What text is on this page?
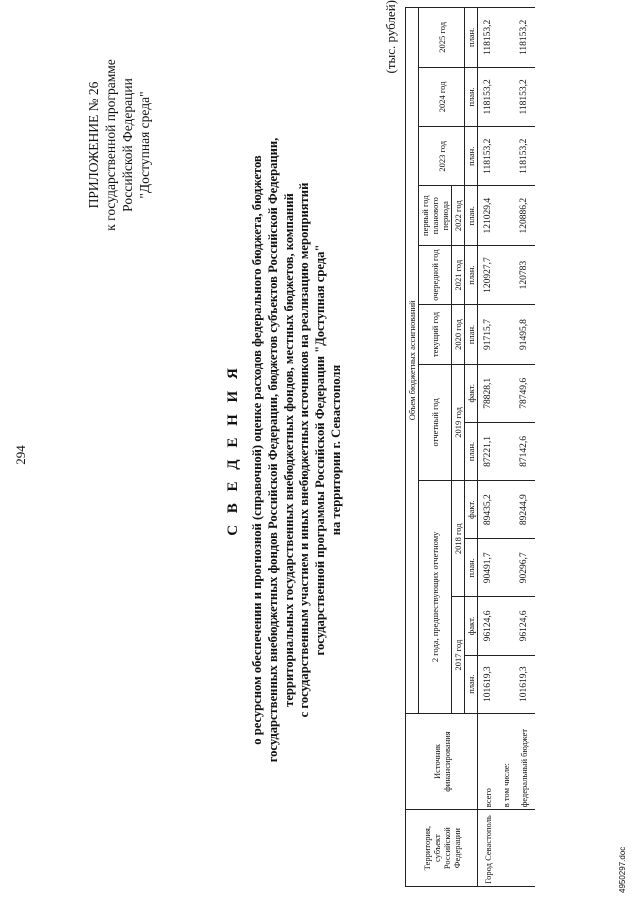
294
ПРИЛОЖЕНИЕ № 26 к государственной программе Российской Федерации "Доступная среда"
С В Е Д Е Н И Я о ресурсном обеспечении и прогнозной (справочной) оценке расходов федерального бюджета, бюджетов государственных внебюджетных фондов Российской Федерации, бюджетов субъектов Российской Федерации, территориальных государственных внебюджетных фондов, местных бюджетов, компаний с государственным участием и иных внебюджетных источников на реализацию мероприятий государственной программы Российской Федерации "Доступная среда" на территории г. Севастополя
(тыс. рублей)
Территория, субъект Российской Федерации	Источник финансирования	Объем бюджетных ассигнований											
		2 года, предшествующих отчетному				отчетный год		текущий год	очередной год	первый год планового периода	2023 год	2024 год	2025 год
		2017 год		2018 год		2019 год		2020 год	2021 год	2022 год			
		план.	факт.	план.	факт.	план.	факт.	план.	план.	план.	план.	план.	план.
Город Севастополь	всего	101619,3	96124,6	90491,7	89435,2	87221,1	78828,1	91715,7	120927,7	121029,4	118153,2	118153,2	118153,2
	в том числе:												
	федеральный бюджет	101619,3	96124,6	90296,7	89244,9	87142,6	78749,6	91495,8	120783	120886,2	118153,2	118153,2	118153,2
4950297.doc
